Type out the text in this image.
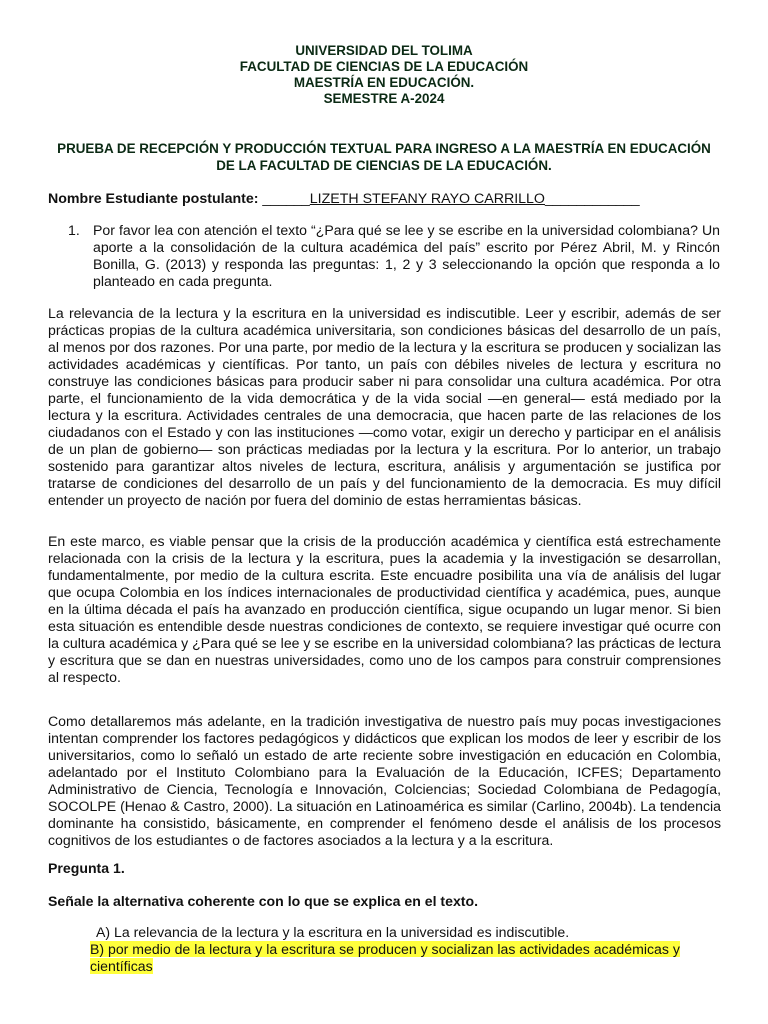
UNIVERSIDAD DEL TOLIMA
FACULTAD DE CIENCIAS DE LA EDUCACIÓN
MAESTRÍA EN EDUCACIÓN.
SEMESTRE A-2024
PRUEBA DE RECEPCIÓN Y PRODUCCIÓN TEXTUAL PARA INGRESO A LA MAESTRÍA EN EDUCACIÓN DE LA FACULTAD DE CIENCIAS DE LA EDUCACIÓN.
Nombre Estudiante postulante: ______LIZETH STEFANY RAYO CARRILLO____________
1. Por favor lea con atención el texto “¿Para qué se lee y se escribe en la universidad colombiana? Un aporte a la consolidación de la cultura académica del país” escrito por Pérez Abril, M. y Rincón Bonilla, G. (2013) y responda las preguntas: 1, 2 y 3 seleccionando la opción que responda a lo planteado en cada pregunta.
La relevancia de la lectura y la escritura en la universidad es indiscutible. Leer y escribir, además de ser prácticas propias de la cultura académica universitaria, son condiciones básicas del desarrollo de un país, al menos por dos razones. Por una parte, por medio de la lectura y la escritura se producen y socializan las actividades académicas y científicas. Por tanto, un país con débiles niveles de lectura y escritura no construye las condiciones básicas para producir saber ni para consolidar una cultura académica. Por otra parte, el funcionamiento de la vida democrática y de la vida social —en general— está mediado por la lectura y la escritura. Actividades centrales de una democracia, que hacen parte de las relaciones de los ciudadanos con el Estado y con las instituciones —como votar, exigir un derecho y participar en el análisis de un plan de gobierno— son prácticas mediadas por la lectura y la escritura. Por lo anterior, un trabajo sostenido para garantizar altos niveles de lectura, escritura, análisis y argumentación se justifica por tratarse de condiciones del desarrollo de un país y del funcionamiento de la democracia. Es muy difícil entender un proyecto de nación por fuera del dominio de estas herramientas básicas.
En este marco, es viable pensar que la crisis de la producción académica y científica está estrechamente relacionada con la crisis de la lectura y la escritura, pues la academia y la investigación se desarrollan, fundamentalmente, por medio de la cultura escrita. Este encuadre posibilita una vía de análisis del lugar que ocupa Colombia en los índices internacionales de productividad científica y académica, pues, aunque en la última década el país ha avanzado en producción científica, sigue ocupando un lugar menor. Si bien esta situación es entendible desde nuestras condiciones de contexto, se requiere investigar qué ocurre con la cultura académica y ¿Para qué se lee y se escribe en la universidad colombiana? las prácticas de lectura y escritura que se dan en nuestras universidades, como uno de los campos para construir comprensiones al respecto.
Como detallaremos más adelante, en la tradición investigativa de nuestro país muy pocas investigaciones intentan comprender los factores pedagógicos y didácticos que explican los modos de leer y escribir de los universitarios, como lo señaló un estado de arte reciente sobre investigación en educación en Colombia, adelantado por el Instituto Colombiano para la Evaluación de la Educación, ICFES; Departamento Administrativo de Ciencia, Tecnología e Innovación, Colciencias; Sociedad Colombiana de Pedagogía, SOCOLPE (Henao & Castro, 2000). La situación en Latinoamérica es similar (Carlino, 2004b). La tendencia dominante ha consistido, básicamente, en comprender el fenómeno desde el análisis de los procesos cognitivos de los estudiantes o de factores asociados a la lectura y a la escritura.
Pregunta 1.
Señale la alternativa coherente con lo que se explica en el texto.
A) La relevancia de la lectura y la escritura en la universidad es indiscutible.
B) por medio de la lectura y la escritura se producen y socializan las actividades académicas y científicas
